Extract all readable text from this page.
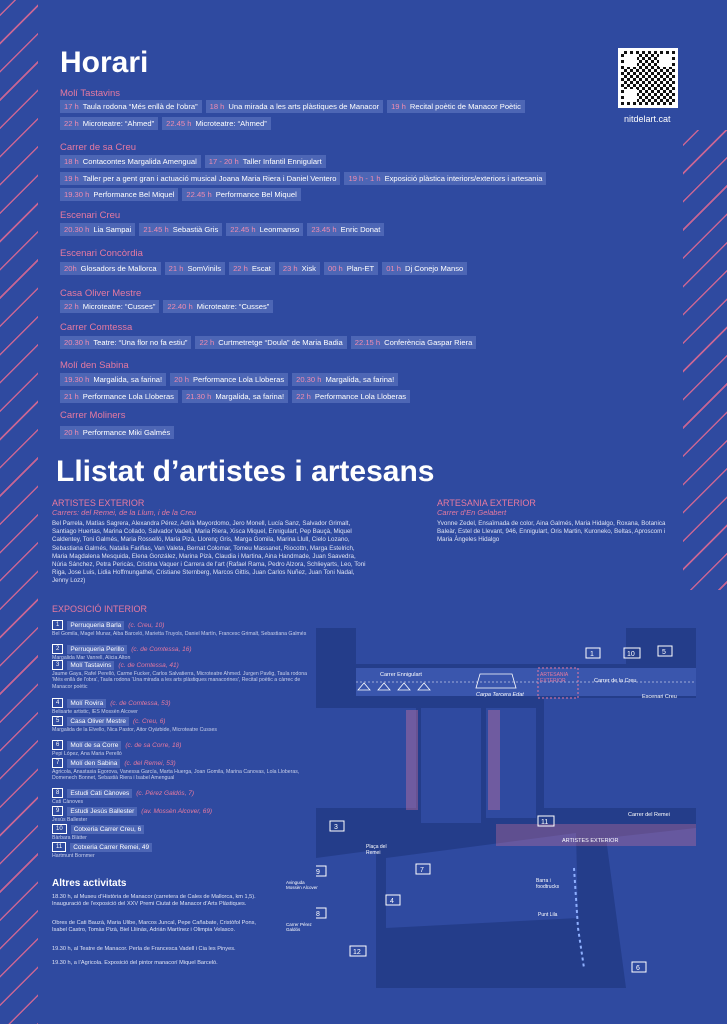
Horari
nitdelart.cat
Molí Tastavins
17 h Taula rodona “Més enllà de l’obra”	18 h Una mirada a les arts plàstiques de Manacor	19 h Recital poètic de Manacor Poètic
22 h Microteatre: “Ahmed”	22.45 h Microteatre: “Ahmed”
Carrer de sa Creu
18 h Contacontes Margalida Amengual	17 - 20 h Taller Infantil Ennigulart
19 h Taller per a gent gran i actuació musical Joana Maria Riera i Daniel Ventero	19 h - 1 h Exposició plàstica interiors/exteriors i artesania
19.30 h Performance Bel Miquel	22.45 h Performance Bel Miquel
Escenari Creu
20.30 h Lia Sampai	21.45 h Sebastià Gris	22.45 h Leonmanso	23.45 h Enric Donat
Escenari Concòrdia
20h Glosadors de Mallorca	21 h SomVinils	22 h Escat	23 h Xisk	00 h Plan-ET	01 h Dj Conejo Manso
Casa Oliver Mestre
22 h Microteatre: “Cusses”	22.40 h Microteatre: “Cusses”
Carrer Comtessa
20.30 h Teatre: “Una flor no fa estiu”	22 h Curtmetretge “Doula” de Maria Badia	22.15 h Conferència Gaspar Riera
Molí den Sabina
19.30 h Margalida, sa farina!	20 h Performance Lola Lloberas	20.30 h Margalida, sa farina!
21 h Performance Lola Lloberas	21.30 h Margalida, sa farina!	22 h Performance Lola Lloberas
Carrer Moliners
20 h Performance Miki Galmés
Llistat d’artistes i artesans
ARTISTES EXTERIOR
Carrers: del Remei, de la Llum, i de la Creu
Bel Parrela, Matías Sagrera, Alexandra Pérez, Adrià Mayordomo, Jero Monell, Lucía Sanz, Salvador Grimalt, Santiago Huertas, Marina Collado, Salvador Vadell, Maria Riera, Xisca Miquel, Ennigulart, Pep Bauçà, Miquel Caldentey, Toni Galmés, Maria Rosselló, Maria Pizà, Llorenç Gris, Marga Gomila, Marina Llull, Cielo Lozano, Sebastiana Galmés, Natalia Farifias, Van Valeta, Bernat Colomar, Tomeu Massanet, Riocottn, Marga Estelrich, Maria Magdalena Mesquida, Elena González, Marina Pizà, Claudia i Martina, Aina Handmade, Juan Saavedra, Núria Sánchez, Petra Pericàs, Cristina Vaquer i Carrera de l'art (Rafael Rama, Pedro Alzora, Schlieyarts, Leo, Toni Riga, Jose Luis, Lidia Hoffmungathel, Cristiane Sternberg, Marcos Gittis, Juan Carlos Nuñez, Juan Toni Nadal, Jenny Lozz)
ARTESANIA EXTERIOR
Carrer d’En Gelabert
Yvonne Zedel, Ensaïmada de color, Aina Galmés, Maria Hidalgo, Roxana, Botanica Baleàr, Estel de Llevant, 946, Ennigulart, Oris Martin, Kuroneko, Beltas, Aproscom i Maria Àngeles Hidalgo
EXPOSICIÓ INTERIOR
1	Perruqueria Barla	(c. Creu, 10)
Bel Gomila, Magel Munar, Aiba Barceló, Marietta Truyols, Daniel Martín, Francesc Grimalt, Sebastiana Galmés
2	Perruqueria Perillo	(c. de Comtessa, 16)
Margalida Mar Vanrell, Alicia Alton
3	Molí Tastavins	(c. de Comtessa, 41)
Jaume Gaya, Rafel Perelló, Carme Fucker, Carlos Salvatierra, Microteatre Ahmed. Jurgen Pavlig, Taula rodona 'Més enllà de l'obra', Taula rodona 'Una mirada a les arts plàstiques manacorines', Recital poètic a càrrec de Manacor poètic
4	Molí Rovira	(c. de Comtessa, 53)
Belisarte artistic, IES Mossèn Alcover
5	Casa Oliver Mestre	(c. Creu, 6)
Margalida de la Elvello, Nica Pastor, Aitor Oyàrbide, Microteatre Cusses
6	Molí de sa Corre	(c. de sa Corre, 18)
Pepi López, Ana Maria Perelló
7	Molí den Sabina	(c. del Remei, 53)
Agricola, Anastasia Egorova, Vanessa García, Marta Huerga, Joan Gomila, Marina Canovas, Lola Lloberas, Domenech Bonnet, Sebastià Riera i Isabel Amengual
8	Estudi Cati Cànoves	(c. Pérez Galdós, 7)
Cati Cànoves
9	Estudi Jesús Ballester	(av. Mossèn Alcover, 69)
Jesús Ballester
10	Cotxeria Carrer Creu, 6
Bàrbara Blàtter
11	Cotxeria Carrer Remei, 49
Hartmunt Bornmer
Altres activitats
18.30 h, al Museu d’Història de Manacor (carretera de Cales de Mallorca, km 1,5). Inauguració de l’exposició del XXV Premi Ciutat de Manacor d’Arts Plàstiques.
Obres de Cati Bauzà, Maria Ulibe, Marcos Juncal, Pepe Cañabate, Cristòfol Pons, Isabel Castro, Tomàs Pizà, Biel Lliinàs, Adrián Martínez i Olimpia Velasco.
19.30 h, al Teatre de Manacor. Perla de Francesca Vadell i Cia les Pinyes.
19.30 h, a l’Agricola. Exposició del pintor manacorí Miquel Barceló.
1	10	5
11
3
7
4
9
8
12
6
Carrer Ennigulart
Carrer de la Creu
Escenari Creu
Carpa Tercera Edat
ARTESANIA EXTERIOR
Carrer del Remei
ARTISTES EXTERIOR
Plaça del Remei
Barra i foodtrucks
Punt Lila
Avinguda Mossèn Alcover
Carrer Pérez Galdós
